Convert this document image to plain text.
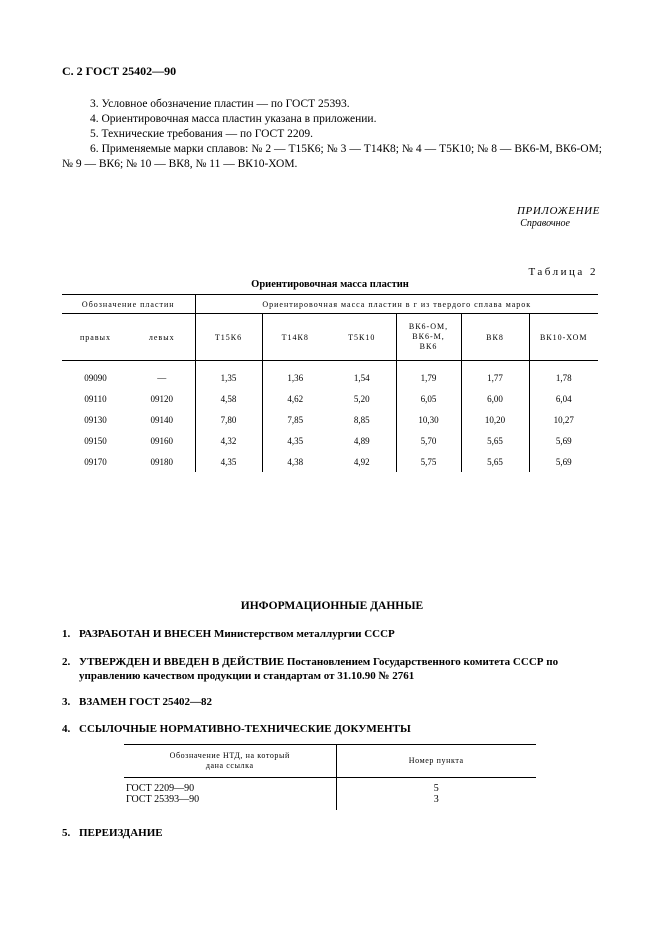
С. 2 ГОСТ 25402—90

3. Условное обозначение пластин — по ГОСТ 25393.

4. Ориентировочная масса пластин указана в приложении.

5. Технические требования — по ГОСТ 2209.

6. Применяемые марки сплавов: № 2 — Т15К6; № 3 — Т14К8; № 4 — Т5К10; № 8 — ВК6-М, ВК6-ОМ; № 9 — ВК6; № 10 — ВК8, № 11 — ВК10-ХОМ.

ПРИЛОЖЕНИЕ
Справочное
Таблица 2
Ориентировочная масса пластин
Обозначение пластин		Ориентировочная масса пластин в г из твердого сплава марок					
правых	левых	Т15К6	Т14К8	Т5К10	ВК6-ОМ,
ВК6-М,
ВК6	ВК8	ВК10-ХОМ
09090	—	1,35	1,36	1,54	1,79	1,77	1,78
09110	09120	4,58	4,62	5,20	6,05	6,00	6,04
09130	09140	7,80	7,85	8,85	10,30	10,20	10,27
09150	09160	4,32	4,35	4,89	5,70	5,65	5,69
09170	09180	4,35	4,38	4,92	5,75	5,65	5,69
ИНФОРМАЦИОННЫЕ ДАННЫЕ
1. РАЗРАБОТАН И ВНЕСЕН Министерством металлургии СССР
2. УТВЕРЖДЕН И ВВЕДЕН В ДЕЙСТВИЕ Постановлением Государственного комитета СССР по
управлению качеством продукции и стандартам от 31.10.90 № 2761
3. ВЗАМЕН ГОСТ 25402—82
4. ССЫЛОЧНЫЕ НОРМАТИВНО-ТЕХНИЧЕСКИЕ ДОКУМЕНТЫ
Обозначение НТД, на который
дана ссылка	Номер пункта

ГОСТ 2209—90	5
ГОСТ 25393—90	3

5. ПЕРЕИЗДАНИЕ
